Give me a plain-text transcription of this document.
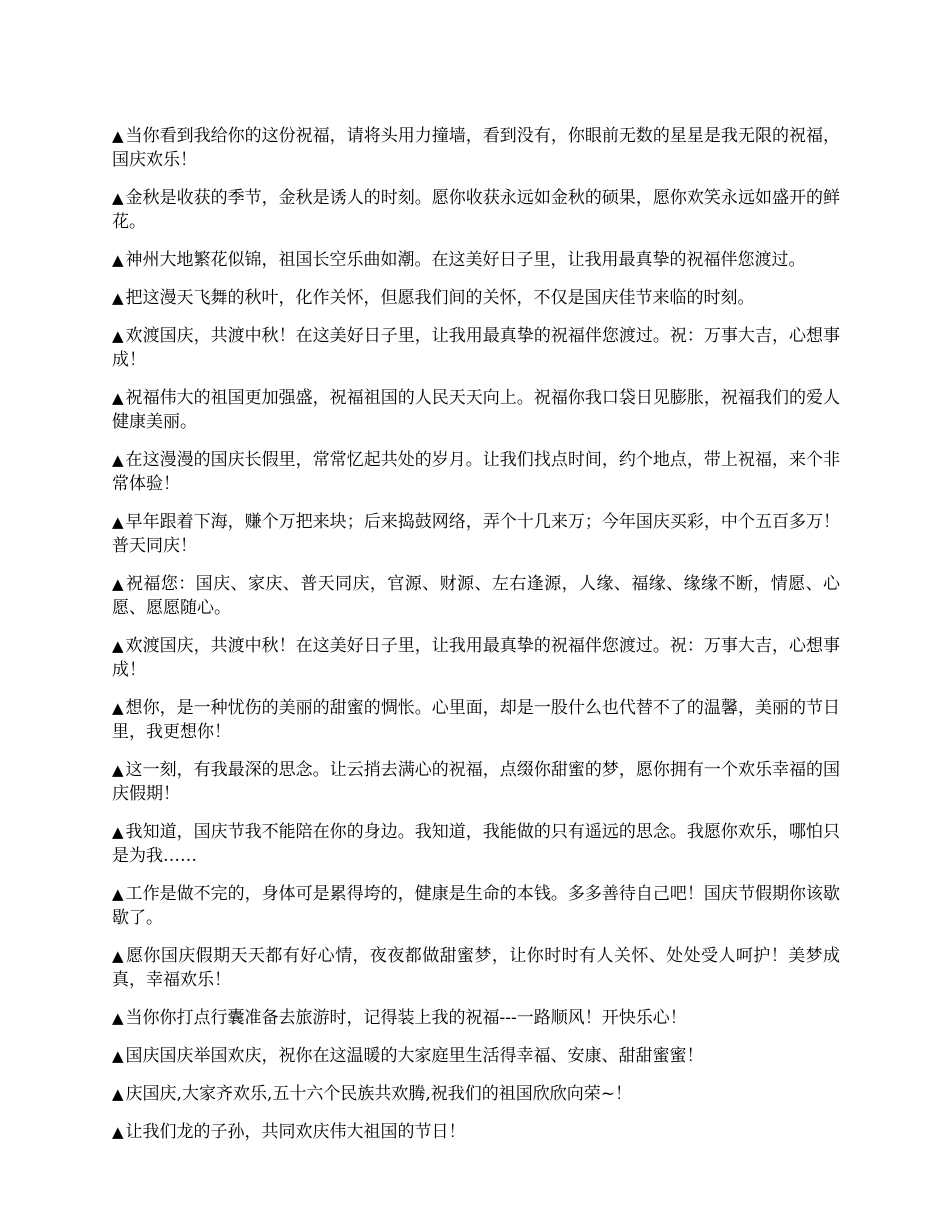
▲ 当你看到我给你的这份祝福，请将头用力撞墙，看到没有，你眼前无数的星星是我无限的祝福，国庆欢乐！

▲ 金秋是收获的季节，金秋是诱人的时刻。愿你收获永远如金秋的硕果，愿你欢笑永远如盛开的鲜花。

▲ 神州大地繁花似锦，祖国长空乐曲如潮。在这美好日子里，让我用最真挚的祝福伴您渡过。

▲ 把这漫天飞舞的秋叶，化作关怀，但愿我们间的关怀，不仅是国庆佳节来临的时刻。

▲ 欢渡国庆，共渡中秋！在这美好日子里，让我用最真挚的祝福伴您渡过。祝：万事大吉，心想事成！

▲ 祝福伟大的祖国更加强盛，祝福祖国的人民天天向上。祝福你我口袋日见膨胀，祝福我们的爱人健康美丽。

▲ 在这漫漫的国庆长假里，常常忆起共处的岁月。让我们找点时间，约个地点，带上祝福，来个非常体验！

▲ 早年跟着下海，赚个万把来块；后来捣鼓网络，弄个十几来万；今年国庆买彩，中个五百多万！普天同庆！

▲ 祝福您：国庆、家庆、普天同庆，官源、财源、左右逢源，人缘、福缘、缘缘不断，情愿、心愿、愿愿随心。

▲ 欢渡国庆，共渡中秋！在这美好日子里，让我用最真挚的祝福伴您渡过。祝：万事大吉，心想事成！

▲ 想你，是一种忧伤的美丽的甜蜜的惆怅。心里面，却是一股什么也代替不了的温馨，美丽的节日里，我更想你！

▲ 这一刻，有我最深的思念。让云捎去满心的祝福，点缀你甜蜜的梦，愿你拥有一个欢乐幸福的国庆假期！

▲ 我知道，国庆节我不能陪在你的身边。我知道，我能做的只有遥远的思念。我愿你欢乐，哪怕只是为我……

▲ 工作是做不完的，身体可是累得垮的，健康是生命的本钱。多多善待自己吧！国庆节假期你该歇歇了。

▲ 愿你国庆假期天天都有好心情，夜夜都做甜蜜梦，让你时时有人关怀、处处受人呵护！美梦成真，幸福欢乐！

▲ 当你你打点行囊准备去旅游时，记得装上我的祝福---一路顺风！开快乐心！

▲ 国庆国庆举国欢庆，祝你在这温暖的大家庭里生活得幸福、安康、甜甜蜜蜜！

▲ 庆国庆,大家齐欢乐,五十六个民族共欢腾,祝我们的祖国欣欣向荣~！

▲ 让我们龙的子孙，共同欢庆伟大祖国的节日！
